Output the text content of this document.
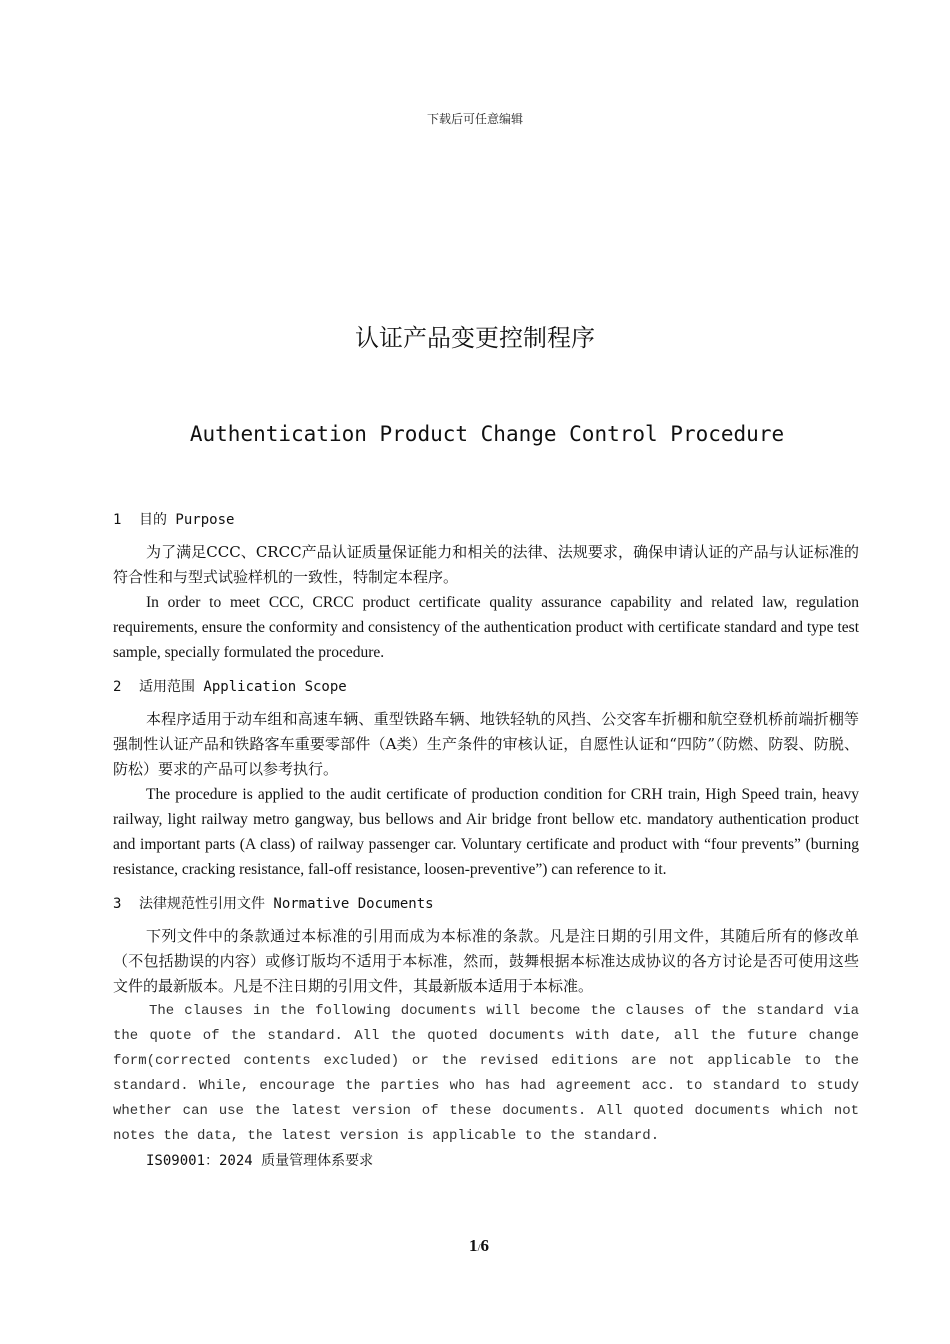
下载后可任意编辑
认证产品变更控制程序
Authentication Product Change Control Procedure
1 目的 Purpose

为了满足CCC、CRCC产品认证质量保证能力和相关的法律、法规要求，确保申请认证的产品与认证标准的符合性和与型式试验样机的一致性，特制定本程序。

In order to meet CCC, CRCC product certificate quality assurance capability and related law, regulation requirements, ensure the conformity and consistency of the authentication product with certificate standard and type test sample, specially formulated the procedure.

2 适用范围 Application Scope

本程序适用于动车组和高速车辆、重型铁路车辆、地铁轻轨的风挡、公交客车折棚和航空登机桥前端折棚等强制性认证产品和铁路客车重要零部件（A类）生产条件的审核认证，自愿性认证和“四防”（防燃、防裂、防脱、防松）要求的产品可以参考执行。

The procedure is applied to the audit certificate of production condition for CRH train, High Speed train, heavy railway, light railway metro gangway, bus bellows and Air bridge front bellow etc. mandatory authentication product and important parts (A class) of railway passenger car. Voluntary certificate and product with “four prevents” (burning resistance, cracking resistance, fall-off resistance, loosen-preventive”) can reference to it.

3 法律规范性引用文件 Normative Documents

下列文件中的条款通过本标准的引用而成为本标准的条款。凡是注日期的引用文件，其随后所有的修改单（不包括勘误的内容）或修订版均不适用于本标准，然而，鼓舞根据本标准达成协议的各方讨论是否可使用这些文件的最新版本。凡是不注日期的引用文件，其最新版本适用于本标准。

The clauses in the following documents will become the clauses of the standard via the quote of the standard. All the quoted documents with date, all the future change form(corrected contents excluded) or the revised editions are not applicable to the standard. While, encourage the parties who has had agreement acc. to standard to study whether can use the latest version of these documents. All quoted documents which not notes the data, the latest version is applicable to the standard.

IS09001：2024 质量管理体系要求

1/6
